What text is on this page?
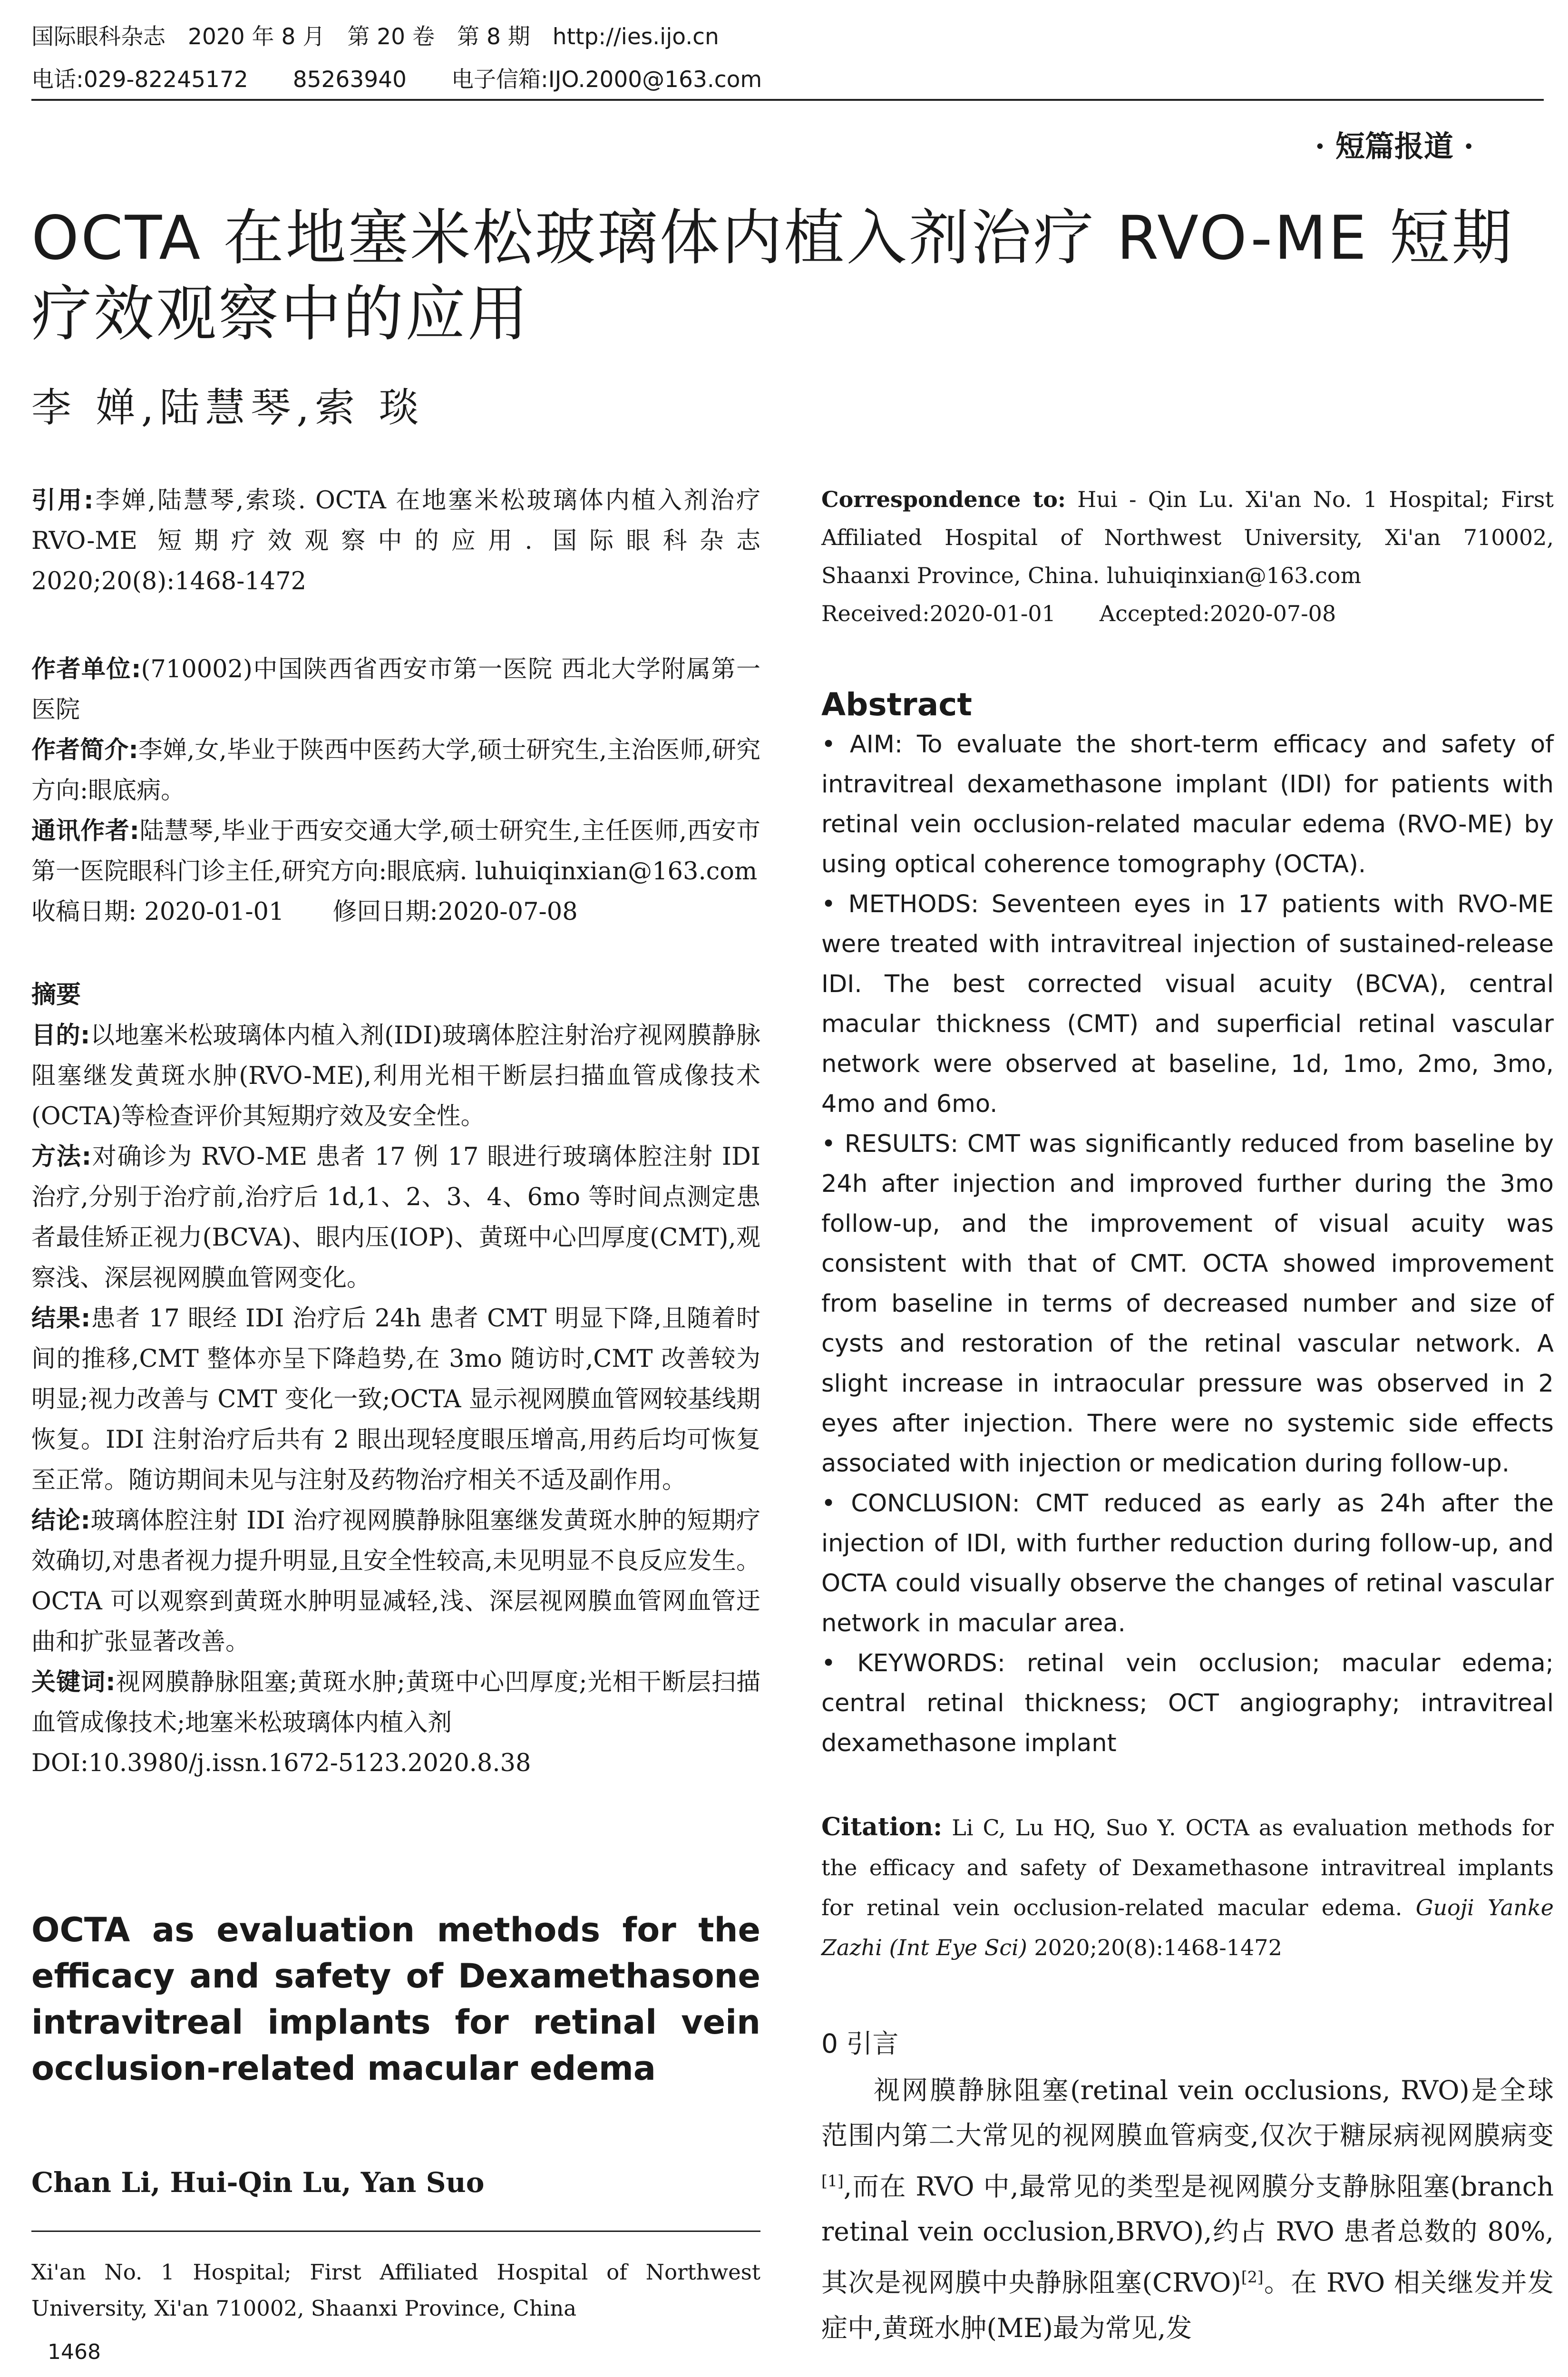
国际眼科杂志　2020 年 8 月　第 20 卷　第 8 期　http://ies.ijo.cn
电话:029-82245172　　85263940　　电子信箱:IJO.2000@163.com
· 短篇报道 ·
OCTA 在地塞米松玻璃体内植入剂治疗 RVO-ME 短期疗效观察中的应用
李 婵,陆慧琴,索 琰

引用:李婵,陆慧琴,索琰. OCTA 在地塞米松玻璃体内植入剂治疗 RVO-ME 短期疗效观察中的应用. 国际眼科杂志 2020;20(8):1468-1472

作者单位:(710002)中国陕西省西安市第一医院 西北大学附属第一医院

作者简介:李婵,女,毕业于陕西中医药大学,硕士研究生,主治医师,研究方向:眼底病。

通讯作者:陆慧琴,毕业于西安交通大学,硕士研究生,主任医师,西安市第一医院眼科门诊主任,研究方向:眼底病. luhuiqinxian@163.com

收稿日期: 2020-01-01　　修回日期:2020-07-08

摘要

目的:以地塞米松玻璃体内植入剂(IDI)玻璃体腔注射治疗视网膜静脉阻塞继发黄斑水肿(RVO-ME),利用光相干断层扫描血管成像技术(OCTA)等检查评价其短期疗效及安全性。

方法:对确诊为 RVO-ME 患者 17 例 17 眼进行玻璃体腔注射 IDI 治疗,分别于治疗前,治疗后 1d,1、2、3、4、6mo 等时间点测定患者最佳矫正视力(BCVA)、眼内压(IOP)、黄斑中心凹厚度(CMT),观察浅、深层视网膜血管网变化。

结果:患者 17 眼经 IDI 治疗后 24h 患者 CMT 明显下降,且随着时间的推移,CMT 整体亦呈下降趋势,在 3mo 随访时,CMT 改善较为明显;视力改善与 CMT 变化一致;OCTA 显示视网膜血管网较基线期恢复。IDI 注射治疗后共有 2 眼出现轻度眼压增高,用药后均可恢复至正常。随访期间未见与注射及药物治疗相关不适及副作用。

结论:玻璃体腔注射 IDI 治疗视网膜静脉阻塞继发黄斑水肿的短期疗效确切,对患者视力提升明显,且安全性较高,未见明显不良反应发生。OCTA 可以观察到黄斑水肿明显减轻,浅、深层视网膜血管网血管迂曲和扩张显著改善。

关键词:视网膜静脉阻塞;黄斑水肿;黄斑中心凹厚度;光相干断层扫描血管成像技术;地塞米松玻璃体内植入剂

DOI:10.3980/j.issn.1672-5123.2020.8.38

OCTA as evaluation methods for the efficacy and safety of Dexamethasone intravitreal implants for retinal vein occlusion-related macular edema
Chan Li, Hui-Qin Lu, Yan Suo
Xi'an No. 1 Hospital; First Affiliated Hospital of Northwest University, Xi'an 710002, Shaanxi Province, China
1468

Correspondence to: Hui - Qin Lu. Xi'an No. 1 Hospital; First Affiliated Hospital of Northwest University, Xi'an 710002, Shaanxi Province, China. luhuiqinxian@163.com

Received:2020-01-01　　Accepted:2020-07-08

Abstract

• AIM: To evaluate the short-term efficacy and safety of intravitreal dexamethasone implant (IDI) for patients with retinal vein occlusion-related macular edema (RVO-ME) by using optical coherence tomography (OCTA).

• METHODS: Seventeen eyes in 17 patients with RVO-ME were treated with intravitreal injection of sustained-release IDI. The best corrected visual acuity (BCVA), central macular thickness (CMT) and superficial retinal vascular network were observed at baseline, 1d, 1mo, 2mo, 3mo, 4mo and 6mo.

• RESULTS: CMT was significantly reduced from baseline by 24h after injection and improved further during the 3mo follow-up, and the improvement of visual acuity was consistent with that of CMT. OCTA showed improvement from baseline in terms of decreased number and size of cysts and restoration of the retinal vascular network. A slight increase in intraocular pressure was observed in 2 eyes after injection. There were no systemic side effects associated with injection or medication during follow-up.

• CONCLUSION: CMT reduced as early as 24h after the injection of IDI, with further reduction during follow-up, and OCTA could visually observe the changes of retinal vascular network in macular area.

• KEYWORDS: retinal vein occlusion; macular edema; central retinal thickness; OCT angiography; intravitreal dexamethasone implant

Citation: Li C, Lu HQ, Suo Y. OCTA as evaluation methods for the efficacy and safety of Dexamethasone intravitreal implants for retinal vein occlusion-related macular edema. Guoji Yanke Zazhi (Int Eye Sci) 2020;20(8):1468-1472

0 引言

视网膜静脉阻塞(retinal vein occlusions, RVO)是全球范围内第二大常见的视网膜血管病变,仅次于糖尿病视网膜病变[1],而在 RVO 中,最常见的类型是视网膜分支静脉阻塞(branch retinal vein occlusion,BRVO),约占 RVO 患者总数的 80%,其次是视网膜中央静脉阻塞(CRVO)[2]。在 RVO 相关继发并发症中,黄斑水肿(ME)最为常见,发
